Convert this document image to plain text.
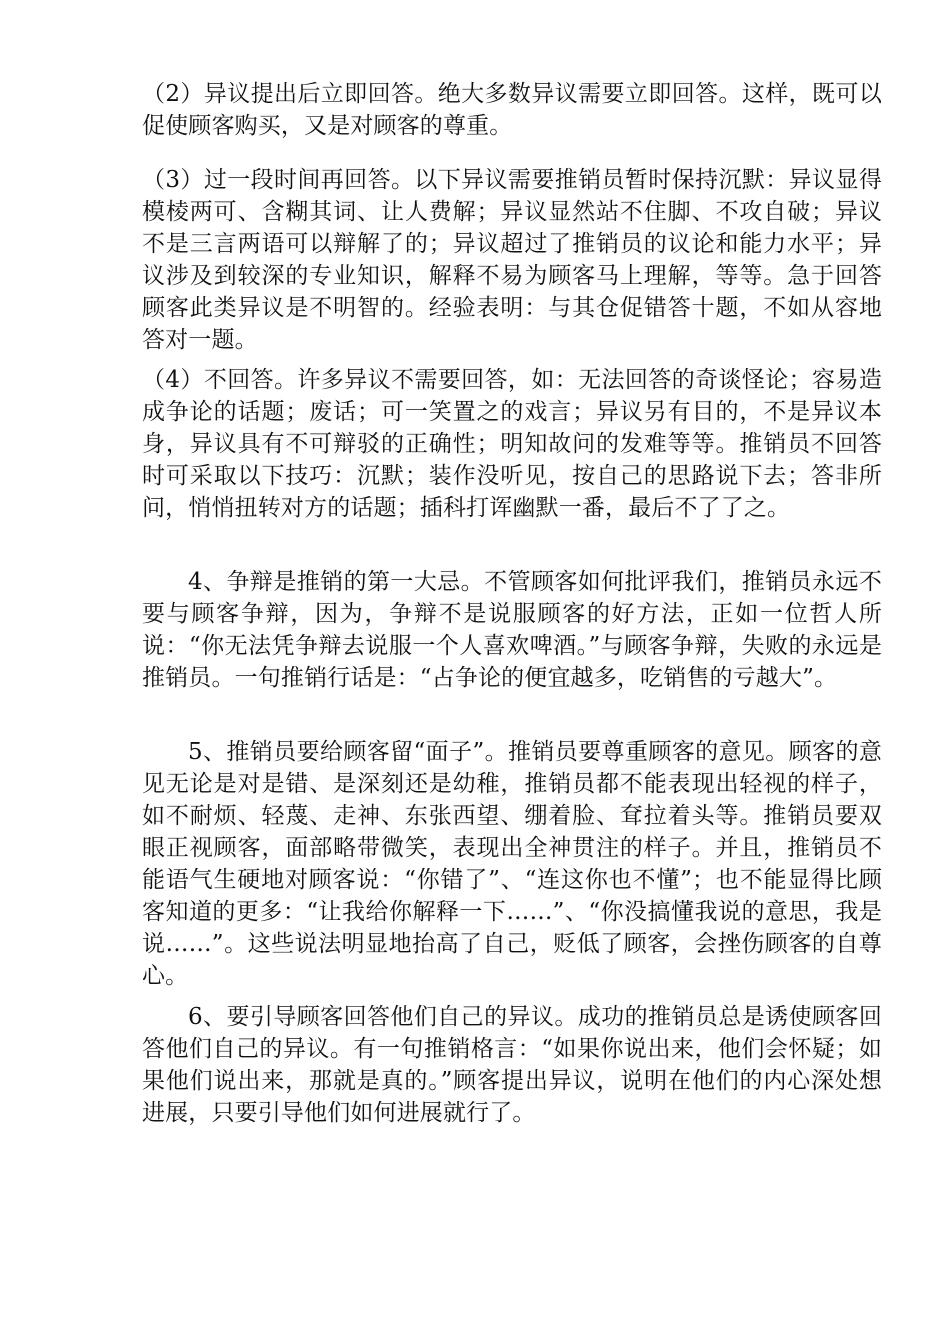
（2）异议提出后立即回答。绝大多数异议需要立即回答。这样，既可以促使顾客购买，又是对顾客的尊重。

（3）过一段时间再回答。以下异议需要推销员暂时保持沉默：异议显得模棱两可、含糊其词、让人费解；异议显然站不住脚、不攻自破；异议不是三言两语可以辩解了的；异议超过了推销员的议论和能力水平；异议涉及到较深的专业知识，解释不易为顾客马上理解，等等。急于回答顾客此类异议是不明智的。经验表明：与其仓促错答十题，不如从容地答对一题。

（4）不回答。许多异议不需要回答，如：无法回答的奇谈怪论；容易造成争论的话题；废话；可一笑置之的戏言；异议另有目的，不是异议本身，异议具有不可辩驳的正确性；明知故问的发难等等。推销员不回答时可采取以下技巧：沉默；装作没听见，按自己的思路说下去；答非所问，悄悄扭转对方的话题；插科打诨幽默一番，最后不了了之。

4、争辩是推销的第一大忌。不管顾客如何批评我们，推销员永远不要与顾客争辩，因为，争辩不是说服顾客的好方法，正如一位哲人所说：“你无法凭争辩去说服一个人喜欢啤酒。”与顾客争辩，失败的永远是推销员。一句推销行话是：“占争论的便宜越多，吃销售的亏越大”。

5、推销员要给顾客留“面子”。推销员要尊重顾客的意见。顾客的意见无论是对是错、是深刻还是幼稚，推销员都不能表现出轻视的样子，如不耐烦、轻蔑、走神、东张西望、绷着脸、耷拉着头等。推销员要双眼正视顾客，面部略带微笑，表现出全神贯注的样子。并且，推销员不能语气生硬地对顾客说：“你错了”、“连这你也不懂”；也不能显得比顾客知道的更多：“让我给你解释一下……”、“你没搞懂我说的意思，我是说……”。这些说法明显地抬高了自己，贬低了顾客，会挫伤顾客的自尊心。

6、要引导顾客回答他们自己的异议。成功的推销员总是诱使顾客回答他们自己的异议。有一句推销格言：“如果你说出来，他们会怀疑；如果他们说出来，那就是真的。”顾客提出异议，说明在他们的内心深处想进展，只要引导他们如何进展就行了。
